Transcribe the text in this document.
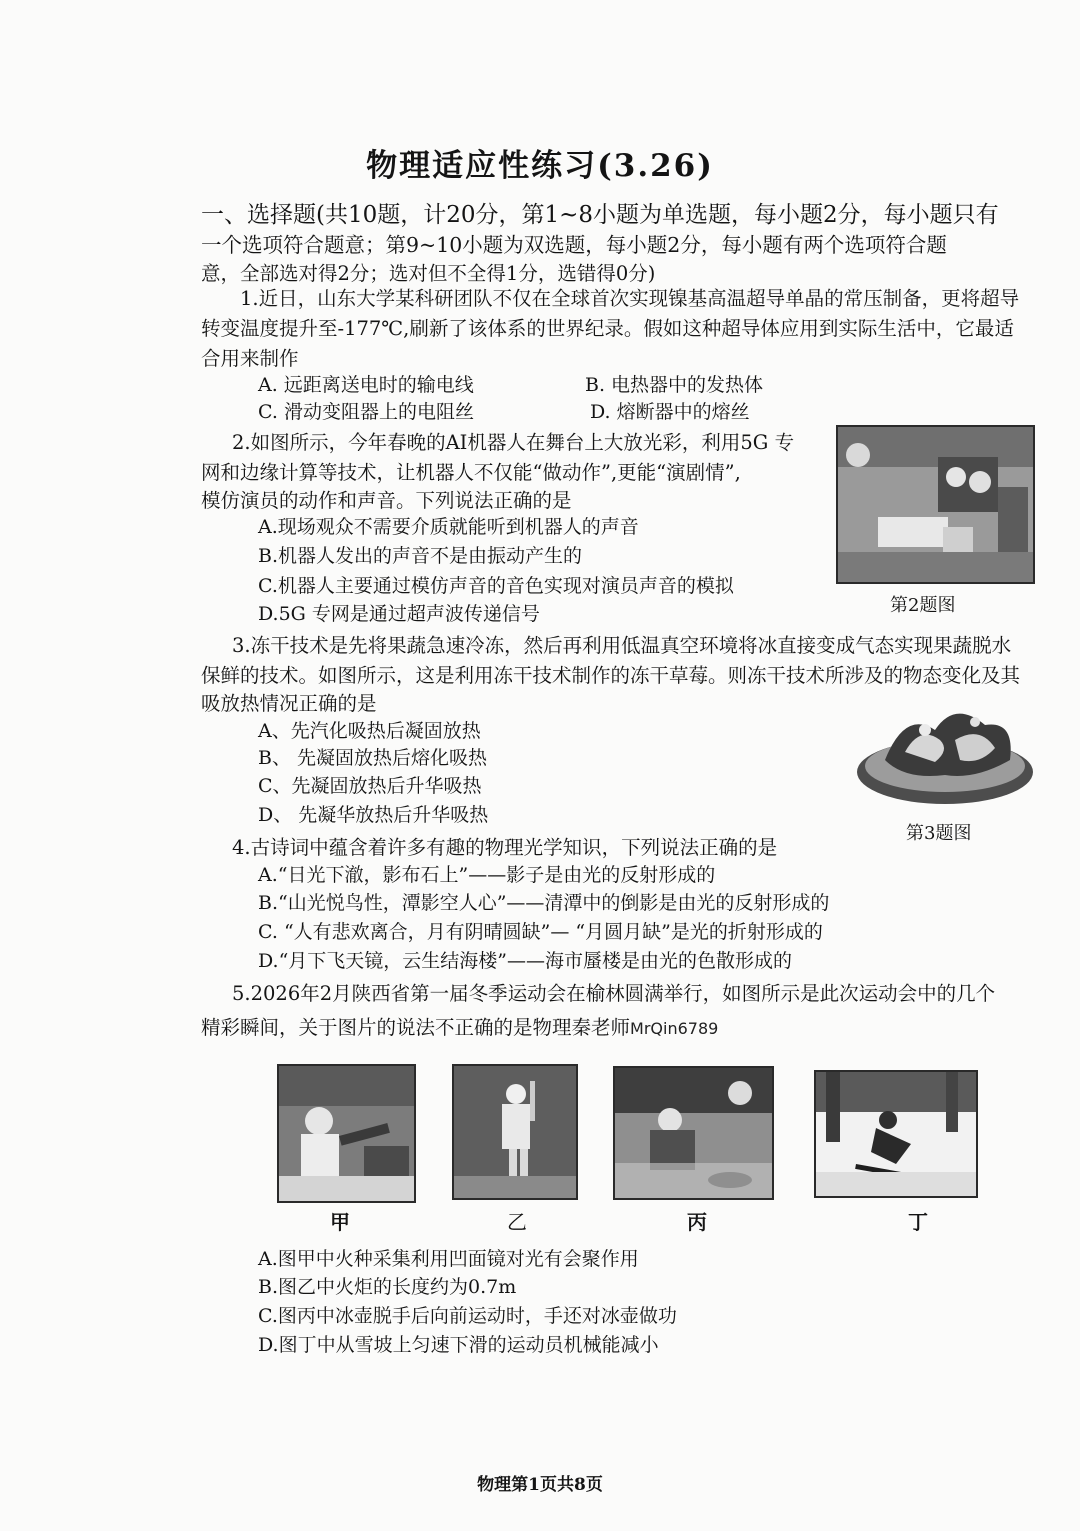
物理适应性练习(3.26)
一、选择题(共10题，计20分，第1~8小题为单选题，每小题2分，每小题只有
一个选项符合题意；第9~10小题为双选题，每小题2分，每小题有两个选项符合题
意，全部选对得2分；选对但不全得1分，选错得0分)
1.近日，山东大学某科研团队不仅在全球首次实现镍基高温超导单晶的常压制备，更将超导
转变温度提升至-177℃,刷新了该体系的世界纪录。假如这种超导体应用到实际生活中，它最适
合用来制作
A. 远距离送电时的输电线	B. 电热器中的发热体
C. 滑动变阻器上的电阻丝	D. 熔断器中的熔丝
2.如图所示，今年春晚的AI机器人在舞台上大放光彩，利用5G 专
网和边缘计算等技术，让机器人不仅能“做动作”,更能“演剧情”,
模仿演员的动作和声音。下列说法正确的是
A.现场观众不需要介质就能听到机器人的声音
B.机器人发出的声音不是由振动产生的
C.机器人主要通过模仿声音的音色实现对演员声音的模拟
D.5G 专网是通过超声波传递信号	第2题图
3.冻干技术是先将果蔬急速冷冻，然后再利用低温真空环境将冰直接变成气态实现果蔬脱水
保鲜的技术。如图所示，这是利用冻干技术制作的冻干草莓。则冻干技术所涉及的物态变化及其
吸放热情况正确的是
A、先汽化吸热后凝固放热
B、 先凝固放热后熔化吸热
C、先凝固放热后升华吸热
D、 先凝华放热后升华吸热
第3题图
4.古诗词中蕴含着许多有趣的物理光学知识，下列说法正确的是
A.“日光下澈，影布石上”——影子是由光的反射形成的
B.“山光悦鸟性，潭影空人心”——清潭中的倒影是由光的反射形成的
C. “人有悲欢离合，月有阴晴圆缺”— “月圆月缺”是光的折射形成的
D.“月下飞天镜，云生结海楼”——海市蜃楼是由光的色散形成的
5.2026年2月陕西省第一届冬季运动会在榆林圆满举行，如图所示是此次运动会中的几个
精彩瞬间，关于图片的说法不正确的是物理秦老师MrQin6789
甲	乙	丙	丁
A.图甲中火种采集利用凹面镜对光有会聚作用
B.图乙中火炬的长度约为0.7m
C.图丙中冰壶脱手后向前运动时，手还对冰壶做功
D.图丁中从雪坡上匀速下滑的运动员机械能减小
物理第1页共8页
